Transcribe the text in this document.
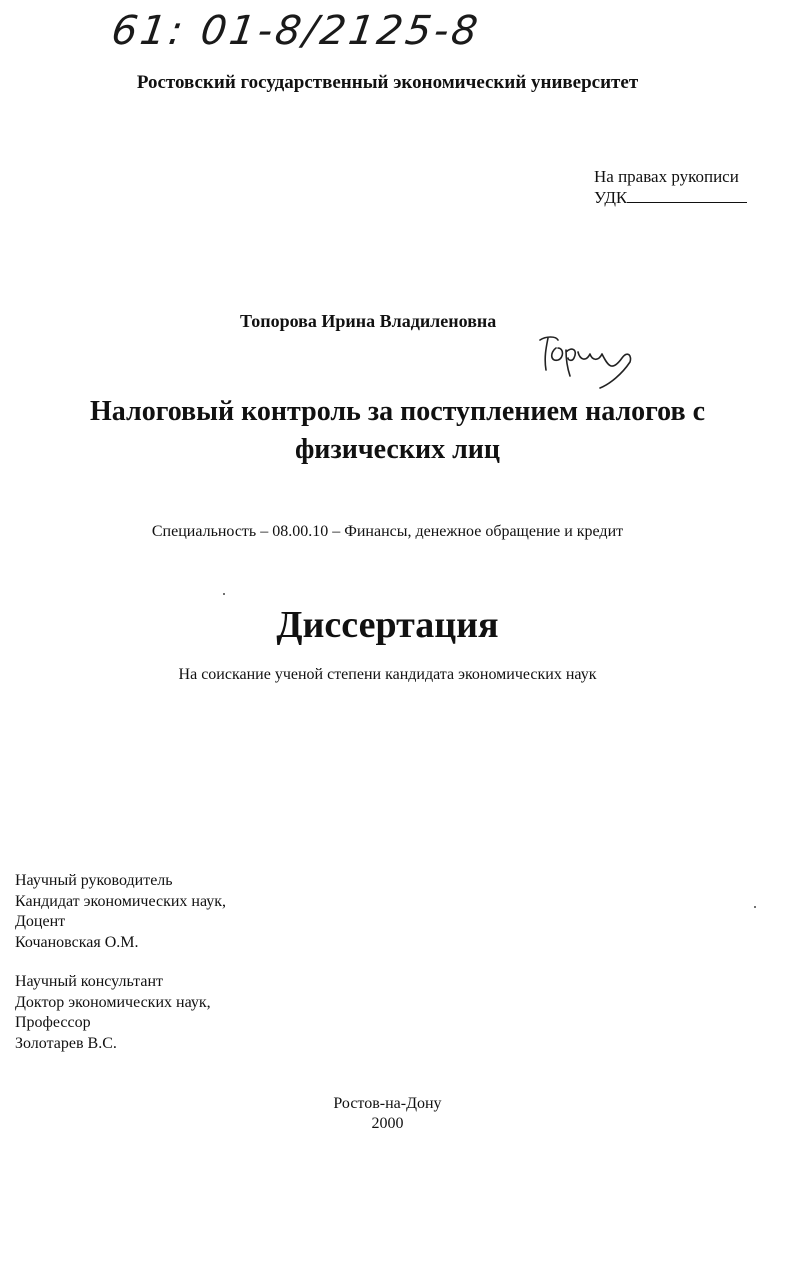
61: 01-8/2125-8
Ростовский государственный экономический университет
На правах рукописи
УДК
Топорова Ирина Владиленовна
Налоговый контроль за поступлением налогов с
физических лиц
Специальность – 08.00.10 – Финансы, денежное обращение и кредит
Диссертация
На соискание ученой степени кандидата экономических наук
Научный руководитель
Кандидат экономических наук,
Доцент
Кочановская О.М.
Научный консультант
Доктор экономических наук,
Профессор
Золотарев В.С.
Ростов-на-Дону
2000
